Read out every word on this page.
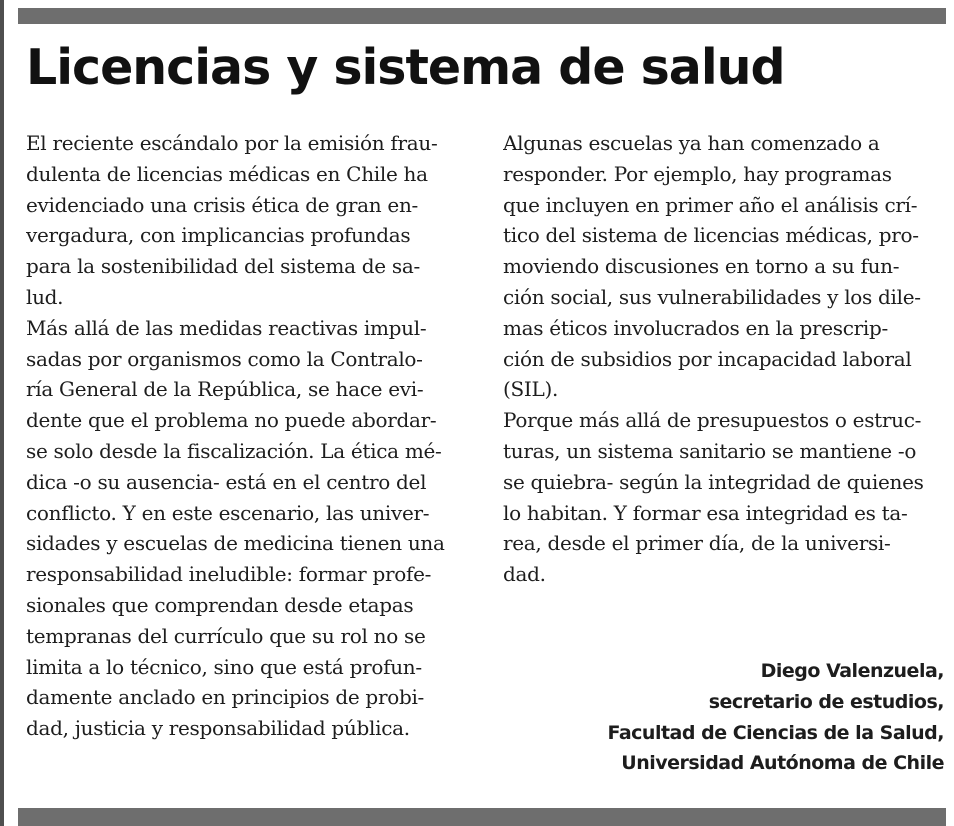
Licencias y sistema de salud
El reciente escándalo por la emisión frau-
dulenta de licencias médicas en Chile ha
evidenciado una crisis ética de gran en-
vergadura, con implicancias profundas
para la sostenibilidad del sistema de sa-
lud.
Más allá de las medidas reactivas impul-
sadas por organismos como la Contralo-
ría General de la República, se hace evi-
dente que el problema no puede abordar-
se solo desde la fiscalización. La ética mé-
dica -o su ausencia- está en el centro del
conflicto. Y en este escenario, las univer-
sidades y escuelas de medicina tienen una
responsabilidad ineludible: formar profe-
sionales que comprendan desde etapas
tempranas del currículo que su rol no se
limita a lo técnico, sino que está profun-
damente anclado en principios de probi-
dad, justicia y responsabilidad pública.
Algunas escuelas ya han comenzado a
responder. Por ejemplo, hay programas
que incluyen en primer año el análisis crí-
tico del sistema de licencias médicas, pro-
moviendo discusiones en torno a su fun-
ción social, sus vulnerabilidades y los dile-
mas éticos involucrados en la prescrip-
ción de subsidios por incapacidad laboral
(SIL).
Porque más allá de presupuestos o estruc-
turas, un sistema sanitario se mantiene -o
se quiebra- según la integridad de quienes
lo habitan. Y formar esa integridad es ta-
rea, desde el primer día, de la universi-
dad.
Diego Valenzuela,
secretario de estudios,
Facultad de Ciencias de la Salud,
Universidad Autónoma de Chile
